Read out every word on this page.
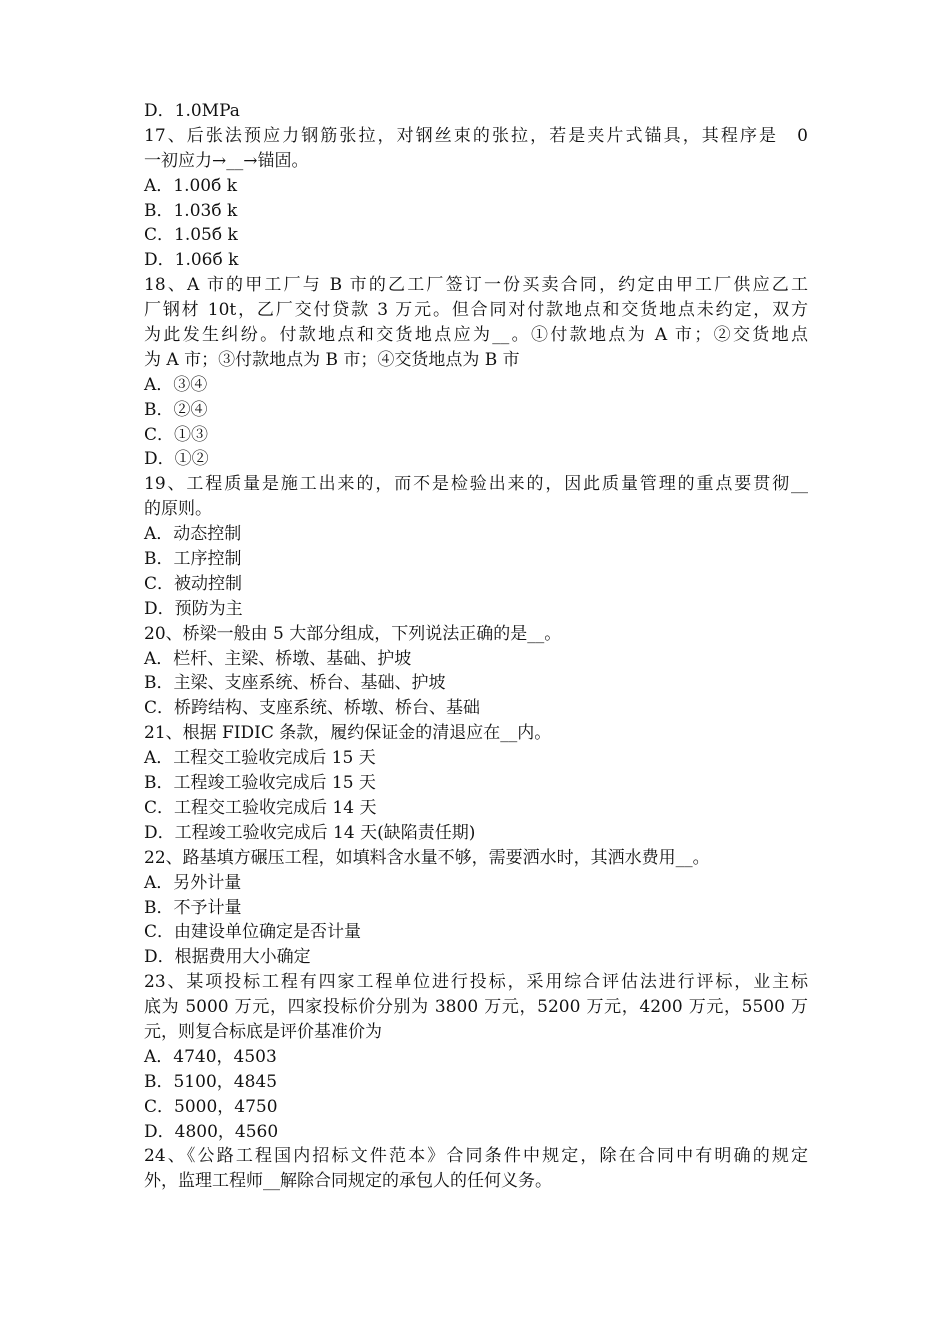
D．1.0MPa
17、后张法预应力钢筋张拉，对钢丝束的张拉，若是夹片式锚具，其程序是　0
一初应力→__→锚固。
A．1.00б k
B．1.03б k
C．1.05б k
D．1.06б k
18、A 市的甲工厂与 B 市的乙工厂签订一份买卖合同，约定由甲工厂供应乙工
厂钢材 10t，乙厂交付贷款 3 万元。但合同对付款地点和交货地点未约定，双方
为此发生纠纷。付款地点和交货地点应为__。①付款地点为 A 市；②交货地点
为 A 市；③付款地点为 B 市；④交货地点为 B 市
A．③④
B．②④
C．①③
D．①②
19、工程质量是施工出来的，而不是检验出来的，因此质量管理的重点要贯彻__
的原则。
A．动态控制
B．工序控制
C．被动控制
D．预防为主
20、桥梁一般由 5 大部分组成，下列说法正确的是__。
A．栏杆、主梁、桥墩、基础、护坡
B．主梁、支座系统、桥台、基础、护坡
C．桥跨结构、支座系统、桥墩、桥台、基础
21、根据 FIDIC 条款，履约保证金的清退应在__内。
A．工程交工验收完成后 15 天
B．工程竣工验收完成后 15 天
C．工程交工验收完成后 14 天
D．工程竣工验收完成后 14 天(缺陷责任期)
22、路基填方碾压工程，如填料含水量不够，需要洒水时，其洒水费用__。
A．另外计量
B．不予计量
C．由建设单位确定是否计量
D．根据费用大小确定
23、某项投标工程有四家工程单位进行投标，采用综合评估法进行评标，业主标
底为 5000 万元，四家投标价分别为 3800 万元，5200 万元，4200 万元，5500 万
元，则复合标底是评价基准价为
A．4740，4503
B．5100，4845
C．5000，4750
D．4800，4560
24、《公路工程国内招标文件范本》合同条件中规定，除在合同中有明确的规定
外，监理工程师__解除合同规定的承包人的任何义务。
